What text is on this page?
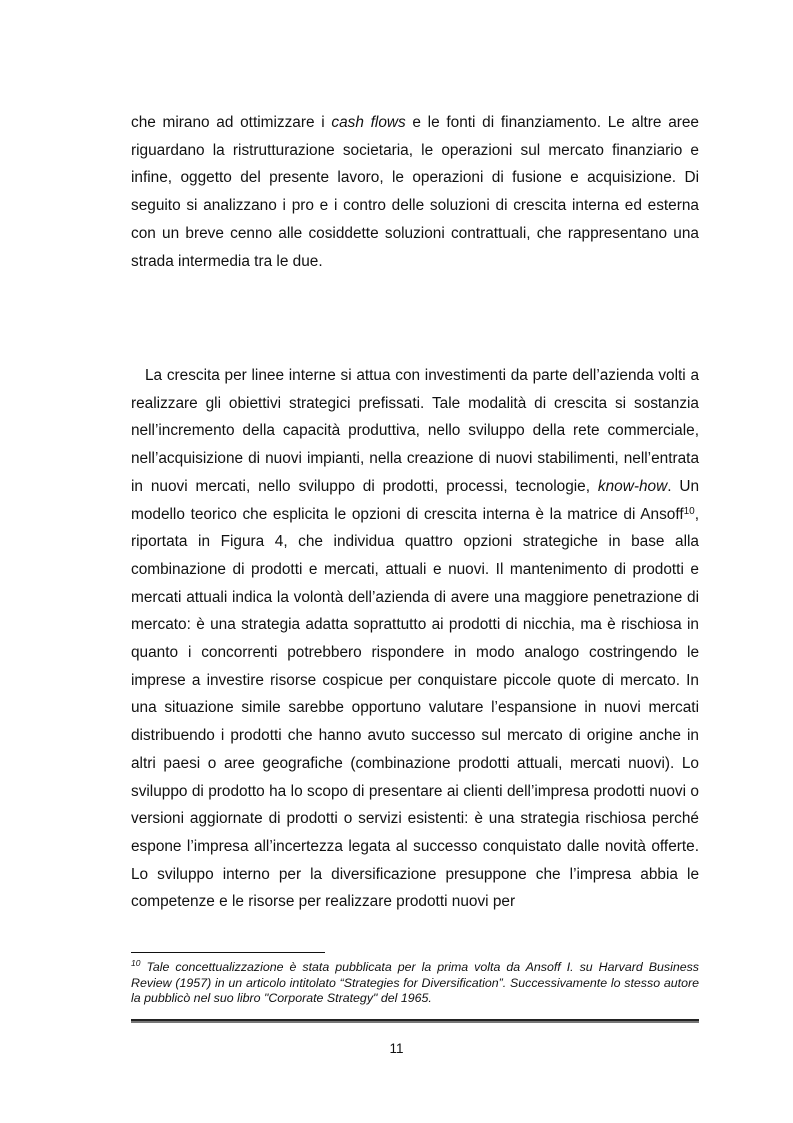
che mirano ad ottimizzare i cash flows e le fonti di finanziamento. Le altre aree riguardano la ristrutturazione societaria, le operazioni sul mercato finanziario e infine, oggetto del presente lavoro, le operazioni di fusione e acquisizione. Di seguito si analizzano i pro e i contro delle soluzioni di crescita interna ed esterna con un breve cenno alle cosiddette soluzioni contrattuali, che rappresentano una strada intermedia tra le due.

La crescita per linee interne si attua con investimenti da parte dell’azienda volti a realizzare gli obiettivi strategici prefissati. Tale modalità di crescita si sostanzia nell’incremento della capacità produttiva, nello sviluppo della rete commerciale, nell’acquisizione di nuovi impianti, nella creazione di nuovi stabilimenti, nell’entrata in nuovi mercati, nello sviluppo di prodotti, processi, tecnologie, know-how. Un modello teorico che esplicita le opzioni di crescita interna è la matrice di Ansoff$^{10}$, riportata in Figura 4, che individua quattro opzioni strategiche in base alla combinazione di prodotti e mercati, attuali e nuovi. Il mantenimento di prodotti e mercati attuali indica la volontà dell’azienda di avere una maggiore penetrazione di mercato: è una strategia adatta soprattutto ai prodotti di nicchia, ma è rischiosa in quanto i concorrenti potrebbero rispondere in modo analogo costringendo le imprese a investire risorse cospicue per conquistare piccole quote di mercato. In una situazione simile sarebbe opportuno valutare l’espansione in nuovi mercati distribuendo i prodotti che hanno avuto successo sul mercato di origine anche in altri paesi o aree geografiche (combinazione prodotti attuali, mercati nuovi). Lo sviluppo di prodotto ha lo scopo di presentare ai clienti dell’impresa prodotti nuovi o versioni aggiornate di prodotti o servizi esistenti: è una strategia rischiosa perché espone l’impresa all’incertezza legata al successo conquistato dalle novità offerte. Lo sviluppo interno per la diversificazione presuppone che l’impresa abbia le competenze e le risorse per realizzare prodotti nuovi per

$^{10}$ Tale concettualizzazione è stata pubblicata per la prima volta da Ansoff I. su Harvard Business Review (1957) in un articolo intitolato “Strategies for Diversification”. Successivamente lo stesso autore la pubblicò nel suo libro "Corporate Strategy" del 1965.

11
